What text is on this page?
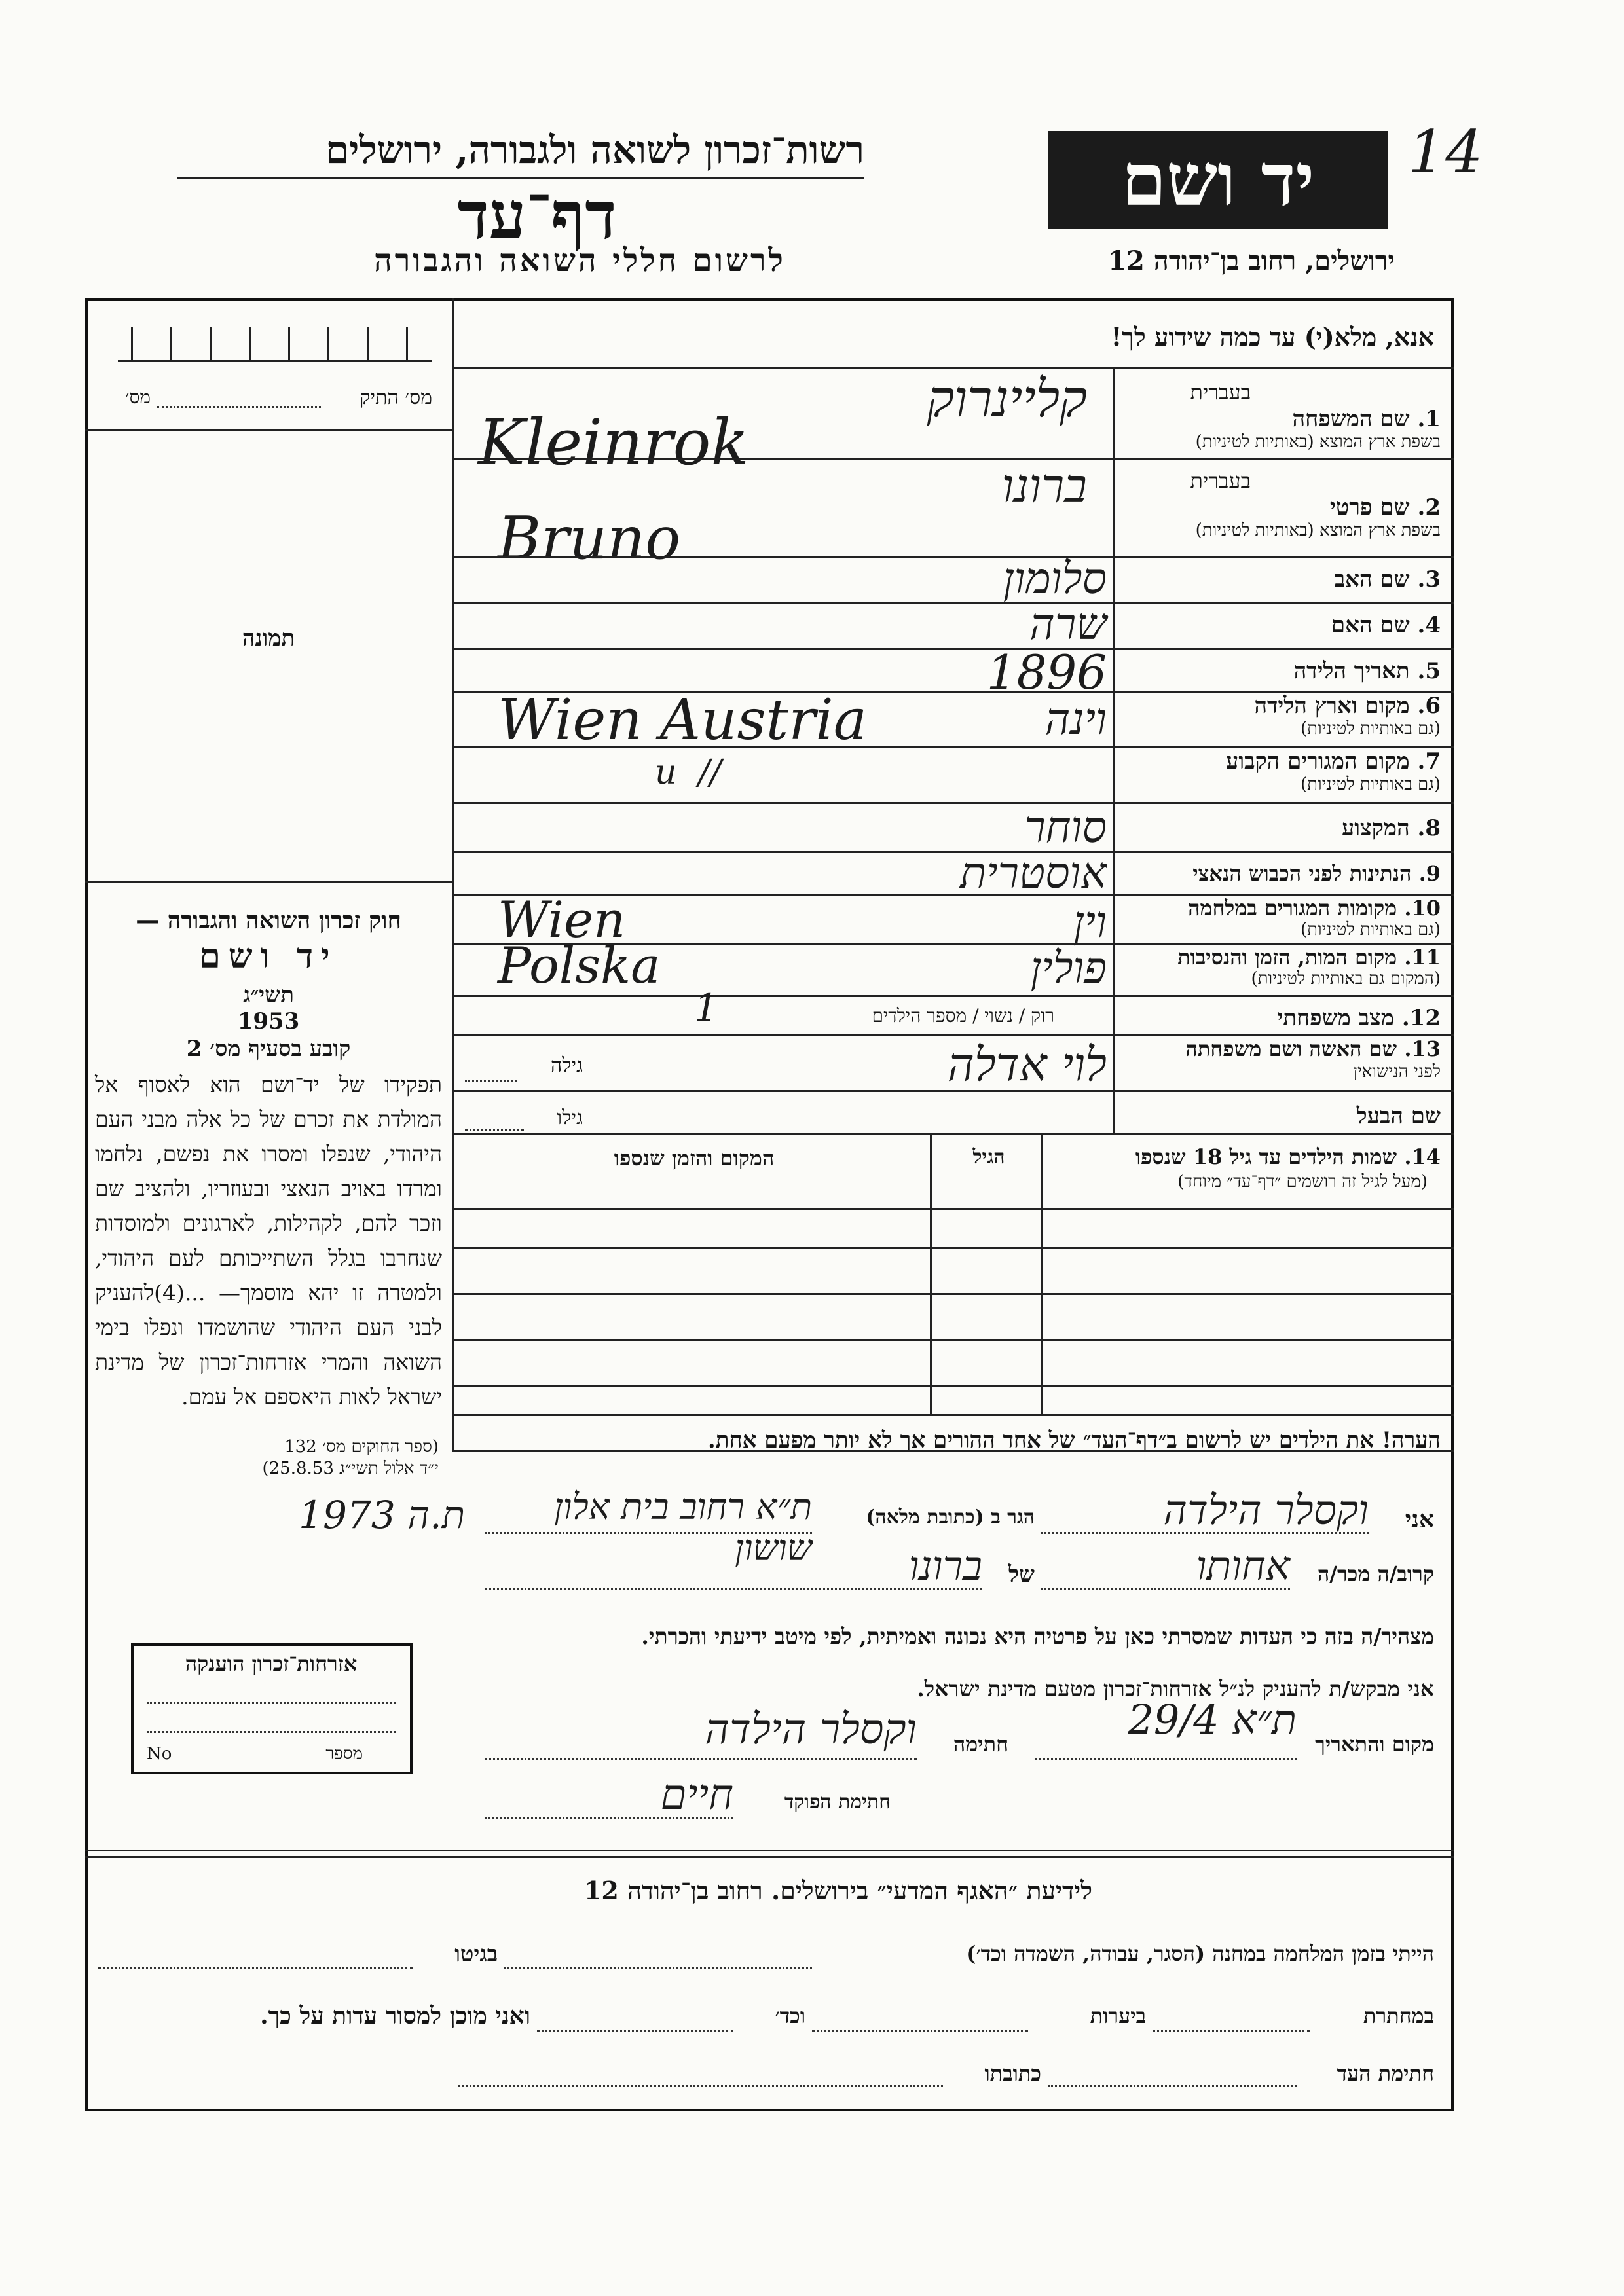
14
יד ושם
רשות־זכרון לשואה ולגבורה, ירושלים
דף־עד
לרשום חללי השואה והגבורה	ירושלים, רחוב בן־יהודה 12
אנא, מלא(י) עד כמה שידוע לך!
מס׳ התיק
מס׳
תמונה
בעברית
1. שם המשפחה
בשפת ארץ המוצא (באותיות לטיניות)
קליינרוק
Kleinrok
בעברית
2. שם פרטי
בשפת ארץ המוצא (באותיות לטיניות)
ברונו
Bruno
3. שם האב
סלומון
4. שם האם
שרה
5. תאריך הלידה
1896
6. מקום וארץ הלידה
(גם באותיות לטיניות)
וינה
Wien Austria
7. מקום המגורים הקבוע
(גם באותיות לטיניות)
u  //
8. המקצוע
סוחר
9. הנתינות לפני הכבוש הנאצי
אוסטרית
10. מקומות המגורים במלחמה
(גם באותיות לטיניות)
וין
Wien
11. מקום המות, הזמן והנסיבות
(המקום גם באותיות לטיניות)
פולין
Polska
12. מצב משפחתי
רוק / נשוי / מספר הילדים
1
13. שם האשה ושם משפחתה
לפני הנישואין
לוי אדלה
גילה
שם הבעל
גילו
14. שמות הילדים עד גיל 18 שנספו
(מעל לגיל זה רושמים ״דף־עד״ מיוחד)
הגיל
המקום והזמן שנספו
הערה! את הילדים יש לרשום ב״דף־העד״ של אחד ההורים אך לא יותר מפעם אחת.
חוק זכרון השואה והגבורה —
יד ושם
תשי״ג
1953
קובע בסעיף מס׳ 2
תפקידו של יד־ושם הוא לאסוף אל המולדת את זכרם של כל אלה מבני העם היהודי, שנפלו ומסרו את נפשם, נלחמו ומרדו באויב הנאצי ובעוזריו, ולהציב שם וזכר להם, לקהילות, לארגונים ולמוסדות שנחרבו בגלל השתייכותם לעם היהודי, ולמטרה זו יהא מוסמך— ...(4)להעניק לבני העם היהודי שהושמדו ונפלו בימי השואה והמרי אזרחות־זכרון של מדינת ישראל לאות היאספם אל עמם.
(ספר החוקים מס׳ 132
י״ד אלול תשי״ג 25.8.53)
ת.ה 1973	אני
וקסלר הילדה
הגר ב (כתובת מלאה)
ת״א רחוב בית אלון שושון
קרוב/ה מכר/ה
אחותו
של
ברונו
מצהיר/ה בזה כי העדות שמסרתי כאן על פרטיה היא נכונה ואמיתית, לפי מיטב ידיעתי והכרתי.
אזרחות־זכרון הוענקה
מספר
No
אני מבקש/ת להעניק לנ״ל אזרחות־זכרון מטעם מדינת ישראל.
מקום והתאריך
ת״א 29/4
חתימה
וקסלר הילדה
חתימת הפוקד
חיים
לידיעת ״האגף המדעי״ בירושלים. רחוב בן־יהודה 12
הייתי בזמן המלחמה במחנה (הסגר, עבודה, השמדה וכד׳)
בגיטו
במחתרת
ביערות
וכד׳
ואני מוכן למסור עדות על כך.
חתימת העד
כתובתו
